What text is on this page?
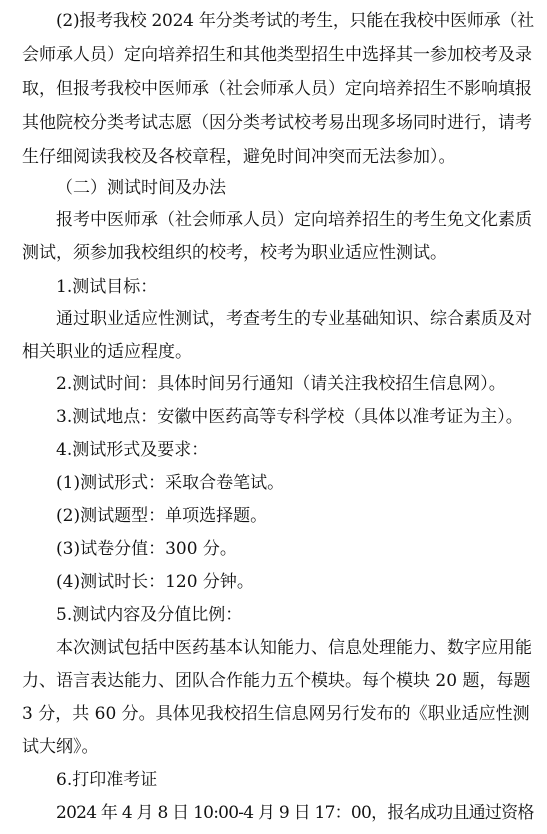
(2)报考我校 2024 年分类考试的考生，只能在我校中医师承（社
会师承人员）定向培养招生和其他类型招生中选择其一参加校考及录
取，但报考我校中医师承（社会师承人员）定向培养招生不影响填报
其他院校分类考试志愿（因分类考试校考易出现多场同时进行，请考
生仔细阅读我校及各校章程，避免时间冲突而无法参加）。
（二）测试时间及办法
报考中医师承（社会师承人员）定向培养招生的考生免文化素质
测试，须参加我校组织的校考，校考为职业适应性测试。
1.测试目标：
通过职业适应性测试，考查考生的专业基础知识、综合素质及对
相关职业的适应程度。
2.测试时间：具体时间另行通知（请关注我校招生信息网）。
3.测试地点：安徽中医药高等专科学校（具体以准考证为主）。
4.测试形式及要求：
(1)测试形式：采取合卷笔试。
(2)测试题型：单项选择题。
(3)试卷分值：300 分。
(4)测试时长：120 分钟。
5.测试内容及分值比例：
本次测试包括中医药基本认知能力、信息处理能力、数字应用能
力、语言表达能力、团队合作能力五个模块。每个模块 20 题，每题
3 分，共 60 分。具体见我校招生信息网另行发布的《职业适应性测
试大纲》。
6.打印准考证
2024 年 4 月 8 日 10:00-4 月 9 日 17：00，报名成功且通过资格
